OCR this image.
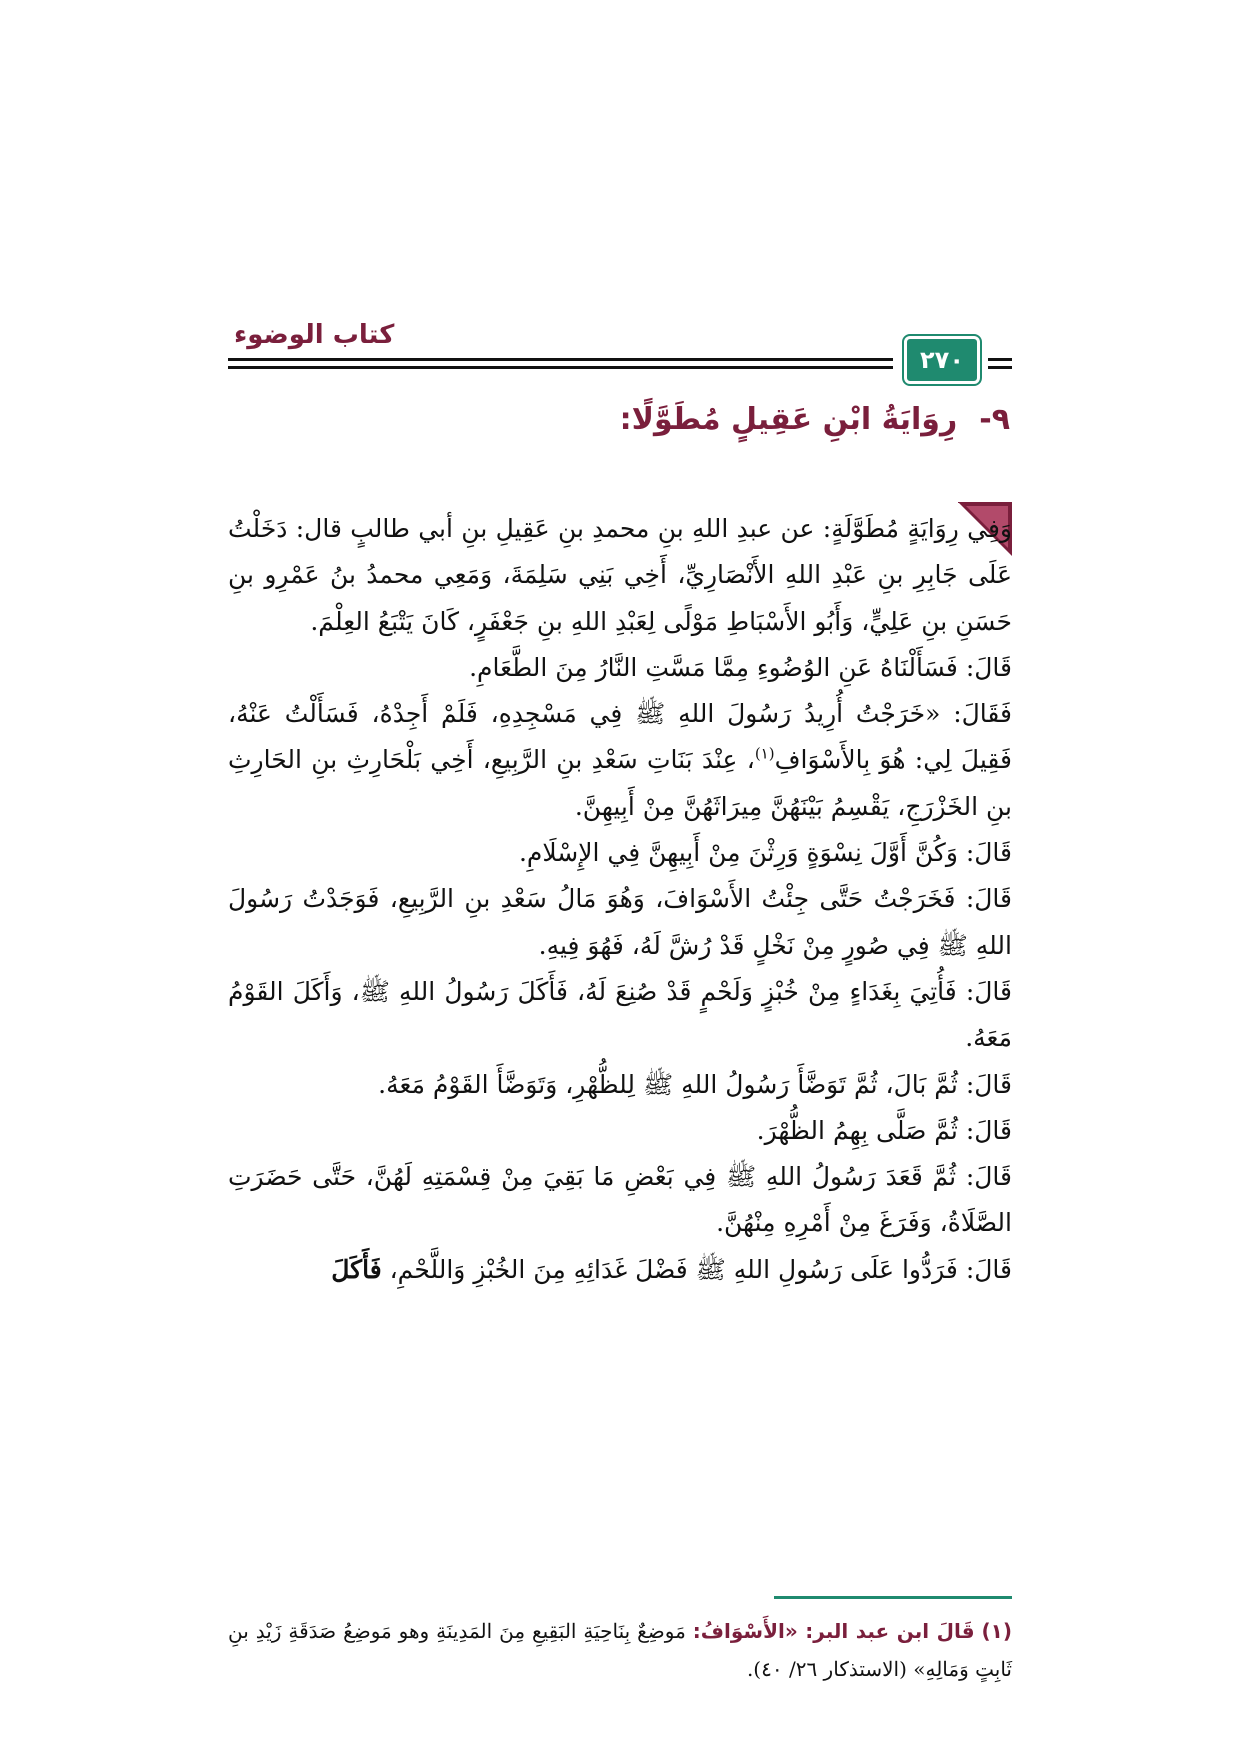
كتاب الوضوء
٢٧٠
٩-رِوَايَةُ ابْنِ عَقِيلٍ مُطَوَّلًا:

وَفِي رِوَايَةٍ مُطَوَّلَةٍ: عن عبدِ اللهِ بنِ محمدِ بنِ عَقِيلِ بنِ أبي طالبٍ قال: دَخَلْتُ عَلَى جَابِرِ بنِ عَبْدِ اللهِ الأَنْصَارِيِّ، أَخِي بَنِي سَلِمَةَ، وَمَعِي محمدُ بنُ عَمْرِو بنِ حَسَنِ بنِ عَلِيٍّ، وَأَبُو الأَسْبَاطِ مَوْلًى لِعَبْدِ اللهِ بنِ جَعْفَرٍ، كَانَ يَتْبَعُ العِلْمَ.

قَالَ: فَسَأَلْنَاهُ عَنِ الوُضُوءِ مِمَّا مَسَّتِ النَّارُ مِنَ الطَّعَامِ.

فَقَالَ: «خَرَجْتُ أُرِيدُ رَسُولَ اللهِ ﷺ فِي مَسْجِدِهِ، فَلَمْ أَجِدْهُ، فَسَأَلْتُ عَنْهُ، فَقِيلَ لِي: هُوَ بِالأَسْوَافِ$^{(١)}$، عِنْدَ بَنَاتِ سَعْدِ بنِ الرَّبِيعِ، أَخِي بَلْحَارِثِ بنِ الحَارِثِ بنِ الخَزْرَجِ، يَقْسِمُ بَيْنَهُنَّ مِيرَاثَهُنَّ مِنْ أَبِيهِنَّ.

قَالَ: وَكُنَّ أَوَّلَ نِسْوَةٍ وَرِثْنَ مِنْ أَبِيهِنَّ فِي الإِسْلَامِ.

قَالَ: فَخَرَجْتُ حَتَّى جِئْتُ الأَسْوَافَ، وَهُوَ مَالُ سَعْدِ بنِ الرَّبِيعِ، فَوَجَدْتُ رَسُولَ اللهِ ﷺ فِي صُورٍ مِنْ نَخْلٍ قَدْ رُشَّ لَهُ، فَهُوَ فِيهِ.

قَالَ: فَأُتِيَ بِغَدَاءٍ مِنْ خُبْزٍ وَلَحْمٍ قَدْ صُنِعَ لَهُ، فَأَكَلَ رَسُولُ اللهِ ﷺ، وَأَكَلَ القَوْمُ مَعَهُ.

قَالَ: ثُمَّ بَالَ، ثُمَّ تَوَضَّأَ رَسُولُ اللهِ ﷺ لِلظُّهْرِ، وَتَوَضَّأَ القَوْمُ مَعَهُ.

قَالَ: ثُمَّ صَلَّى بِهِمُ الظُّهْرَ.

قَالَ: ثُمَّ قَعَدَ رَسُولُ اللهِ ﷺ فِي بَعْضِ مَا بَقِيَ مِنْ قِسْمَتِهِ لَهُنَّ، حَتَّى حَضَرَتِ الصَّلَاةُ، وَفَرَغَ مِنْ أَمْرِهِ مِنْهُنَّ.

قَالَ: فَرَدُّوا عَلَى رَسُولِ اللهِ ﷺ فَضْلَ غَدَائِهِ مِنَ الخُبْزِ وَاللَّحْمِ، فَأَكَلَ

(١) قَالَ ابن عبد البر: «الأَسْوَافُ: مَوضِعٌ بِنَاحِيَةِ البَقِيعِ مِنَ المَدِينَةِ وهو مَوضِعُ صَدَقَةِ زَيْدِ بنِ ثَابِتٍ وَمَالِهِ» (الاستذكار ٢٦/ ٤٠).
